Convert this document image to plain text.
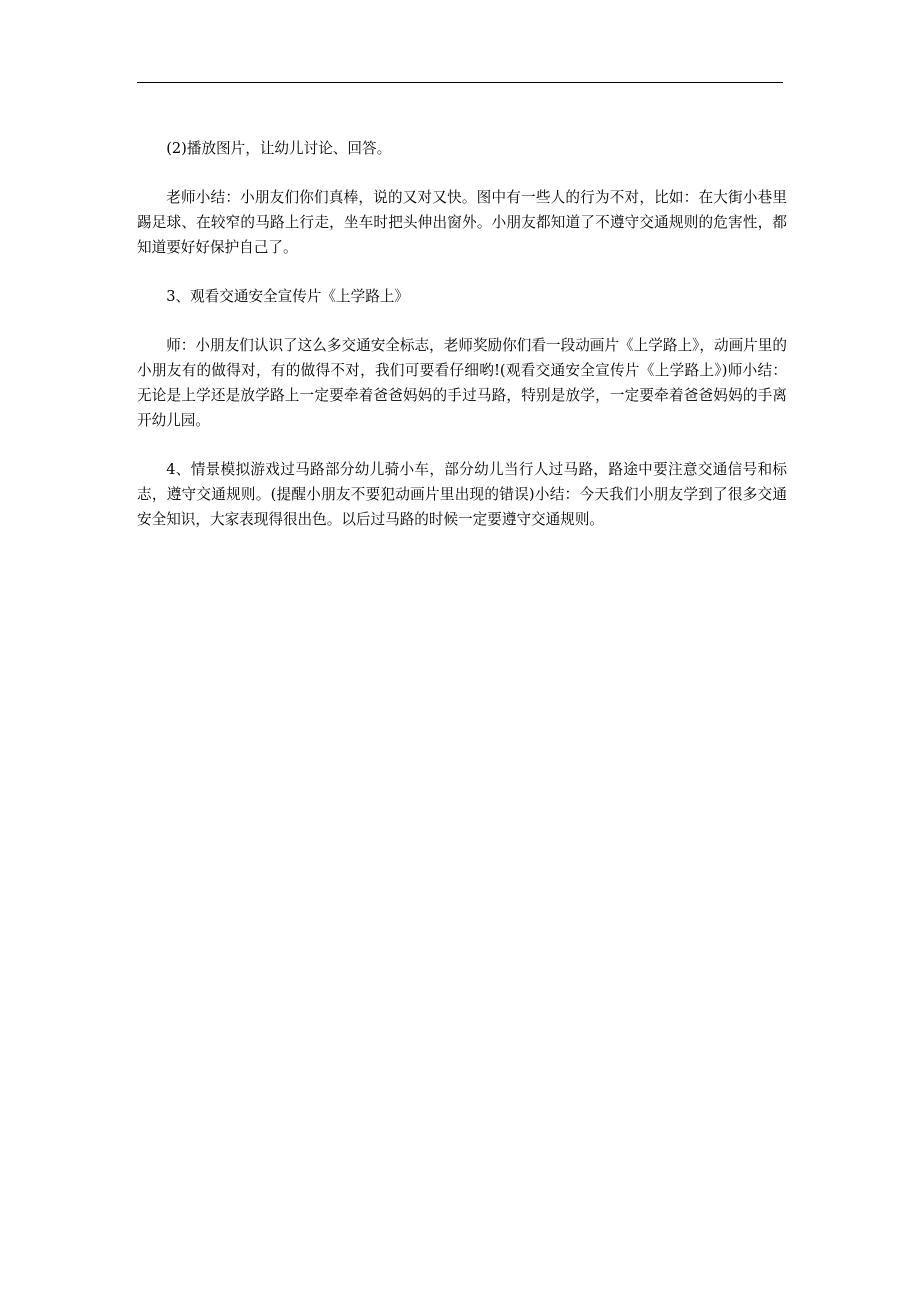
(2)播放图片，让幼儿讨论、回答。

老师小结：小朋友们你们真棒，说的又对又快。图中有一些人的行为不对，比如：在大街小巷里踢足球、在较窄的马路上行走，坐车时把头伸出窗外。小朋友都知道了不遵守交通规则的危害性，都知道要好好保护自己了。

3、观看交通安全宣传片《上学路上》

师：小朋友们认识了这么多交通安全标志，老师奖励你们看一段动画片《上学路上》，动画片里的小朋友有的做得对，有的做得不对，我们可要看仔细哟!(观看交通安全宣传片《上学路上》)师小结：无论是上学还是放学路上一定要牵着爸爸妈妈的手过马路，特别是放学，一定要牵着爸爸妈妈的手离开幼儿园。

4、情景模拟游戏过马路部分幼儿骑小车，部分幼儿当行人过马路，路途中要注意交通信号和标志，遵守交通规则。(提醒小朋友不要犯动画片里出现的错误)小结：今天我们小朋友学到了很多交通安全知识，大家表现得很出色。以后过马路的时候一定要遵守交通规则。
